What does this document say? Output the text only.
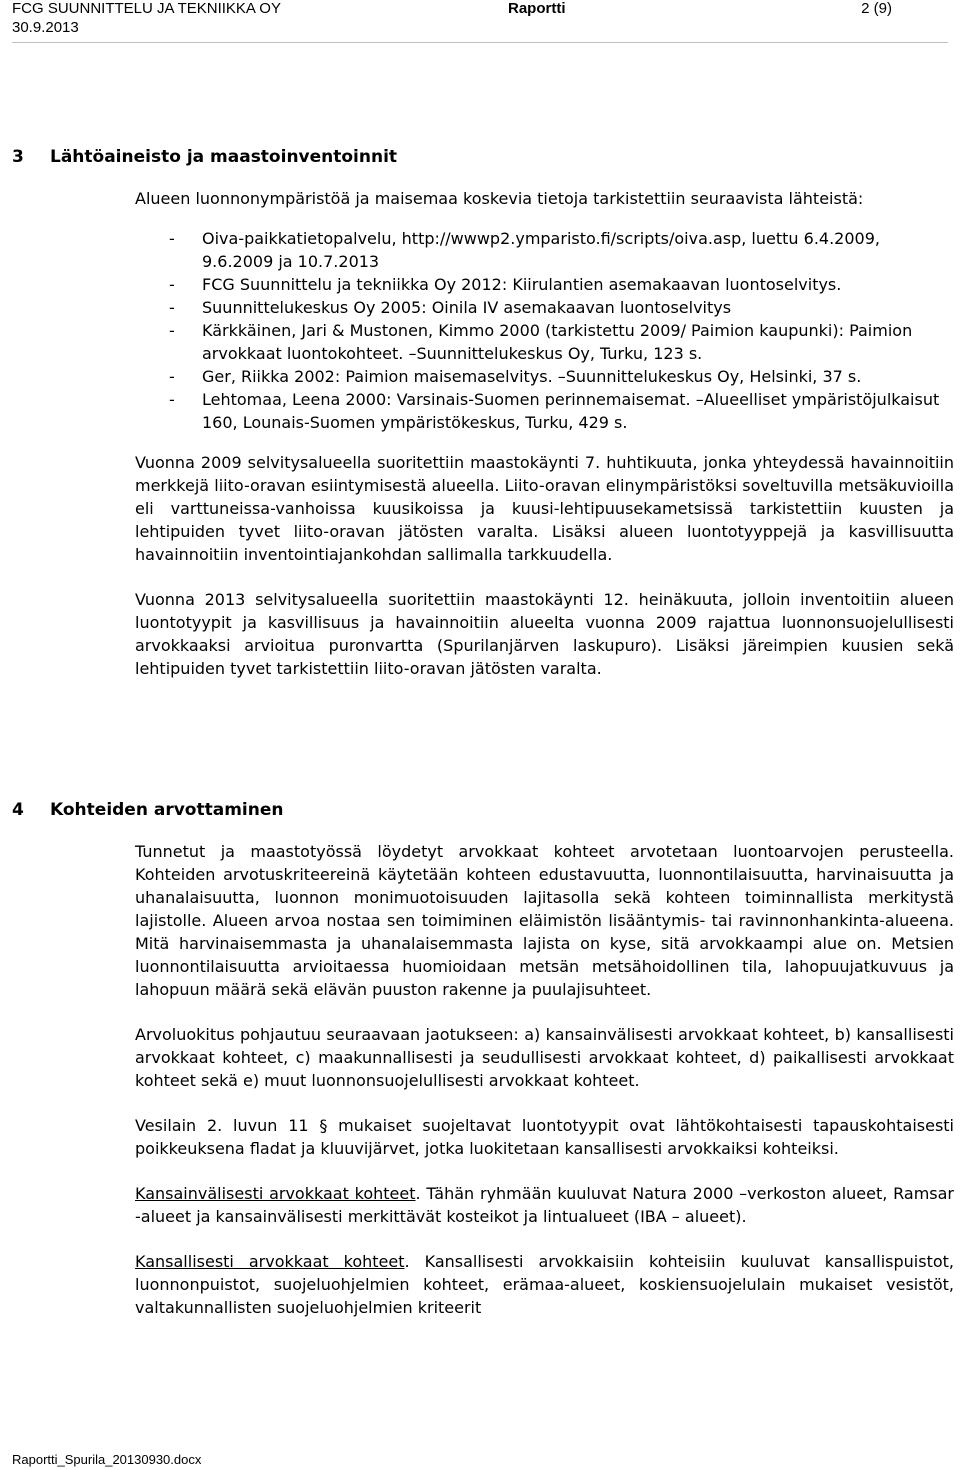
FCG SUUNNITTELU JA TEKNIIKKA OY	Raportti	2 (9)
30.9.2013
3 Lähtöaineisto ja maastoinventoinnit

Alueen luonnonympäristöä ja maisemaa koskevia tietoja tarkistettiin seuraavista lähteistä:

- Oiva-paikkatietopalvelu, http://wwwp2.ymparisto.fi/scripts/oiva.asp, luettu 6.4.2009, 9.6.2009 ja 10.7.2013
- FCG Suunnittelu ja tekniikka Oy 2012: Kiirulantien asemakaavan luontoselvitys.
- Suunnittelukeskus Oy 2005: Oinila IV asemakaavan luontoselvitys
- Kärkkäinen, Jari & Mustonen, Kimmo 2000 (tarkistettu 2009/ Paimion kaupunki): Paimion arvokkaat luontokohteet. –Suunnittelukeskus Oy, Turku, 123 s.
- Ger, Riikka 2002: Paimion maisemaselvitys. –Suunnittelukeskus Oy, Helsinki, 37 s.
- Lehtomaa, Leena 2000: Varsinais-Suomen perinnemaisemat. –Alueelliset ympäristöjulkaisut 160, Lounais-Suomen ympäristökeskus, Turku, 429 s.

Vuonna 2009 selvitysalueella suoritettiin maastokäynti 7. huhtikuuta, jonka yhteydessä havainnoitiin merkkejä liito-oravan esiintymisestä alueella. Liito-oravan elinympäristöksi soveltuvilla metsäkuvioilla eli varttuneissa-vanhoissa kuusikoissa ja kuusi-lehtipuusekametsissä tarkistettiin kuusten ja lehtipuiden tyvet liito-oravan jätösten varalta. Lisäksi alueen luontotyyppejä ja kasvillisuutta havainnoitiin inventointiajankohdan sallimalla tarkkuudella.

Vuonna 2013 selvitysalueella suoritettiin maastokäynti 12. heinäkuuta, jolloin inventoitiin alueen luontotyypit ja kasvillisuus ja havainnoitiin alueelta vuonna 2009 rajattua luonnonsuojelullisesti arvokkaaksi arvioitua puronvartta (Spurilanjärven laskupuro). Lisäksi järeimpien kuusien sekä lehtipuiden tyvet tarkistettiin liito-oravan jätösten varalta.

4 Kohteiden arvottaminen

Tunnetut ja maastotyössä löydetyt arvokkaat kohteet arvotetaan luontoarvojen perusteella. Kohteiden arvotuskriteereinä käytetään kohteen edustavuutta, luonnontilaisuutta, harvinaisuutta ja uhanalaisuutta, luonnon monimuotoisuuden lajitasolla sekä kohteen toiminnallista merkitystä lajistolle. Alueen arvoa nostaa sen toimiminen eläimistön lisääntymis- tai ravinnonhankinta-alueena. Mitä harvinaisemmasta ja uhanalaisemmasta lajista on kyse, sitä arvokkaampi alue on. Metsien luonnontilaisuutta arvioitaessa huomioidaan metsän metsähoidollinen tila, lahopuujatkuvuus ja lahopuun määrä sekä elävän puuston rakenne ja puulajisuhteet.

Arvoluokitus pohjautuu seuraavaan jaotukseen: a) kansainvälisesti arvokkaat kohteet, b) kansallisesti arvokkaat kohteet, c) maakunnallisesti ja seudullisesti arvokkaat kohteet, d) paikallisesti arvokkaat kohteet sekä e) muut luonnonsuojelullisesti arvokkaat kohteet.

Vesilain 2. luvun 11 § mukaiset suojeltavat luontotyypit ovat lähtökohtaisesti tapauskohtaisesti poikkeuksena fladat ja kluuvijärvet, jotka luokitetaan kansallisesti arvokkaiksi kohteiksi.

Kansainvälisesti arvokkaat kohteet. Tähän ryhmään kuuluvat Natura 2000 –verkoston alueet, Ramsar -alueet ja kansainvälisesti merkittävät kosteikot ja lintualueet (IBA – alueet).

Kansallisesti arvokkaat kohteet. Kansallisesti arvokkaisiin kohteisiin kuuluvat kansallispuistot, luonnonpuistot, suojeluohjelmien kohteet, erämaa-alueet, koskiensuojelulain mukaiset vesistöt, valtakunnallisten suojeluohjelmien kriteerit

Raportti_Spurila_20130930.docx
